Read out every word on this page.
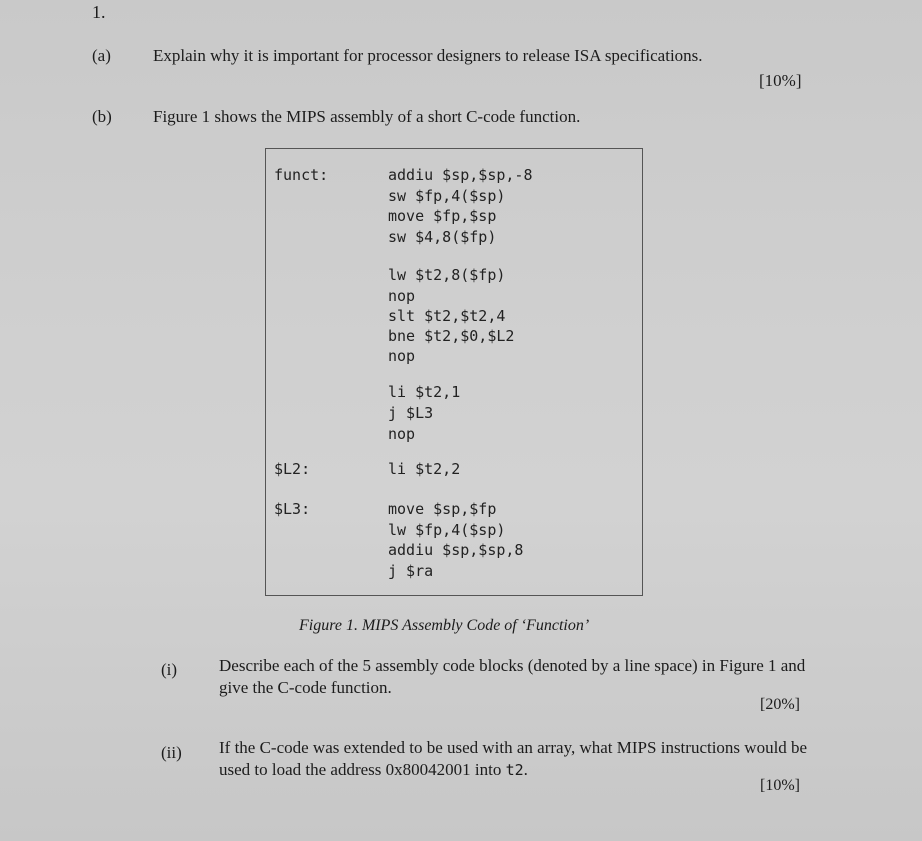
1.
(a) Explain why it is important for processor designers to release ISA specifications.
[10%]
(b) Figure 1 shows the MIPS assembly of a short C-code function.
funct:	addiu $sp,$sp,-8
sw $fp,4($sp)
move $fp,$sp
sw $4,8($fp)
lw $t2,8($fp)
nop
slt $t2,$t2,4
bne $t2,$0,$L2
nop
li $t2,1
j $L3
nop
$L2:	li $t2,2
$L3:	move $sp,$fp
lw $fp,4($sp)
addiu $sp,$sp,8
j $ra
Figure 1. MIPS Assembly Code of ‘Function’
(i) Describe each of the 5 assembly code blocks (denoted by a line space) in Figure 1 and give the C-code function.
[20%]
(ii) If the C-code was extended to be used with an array, what MIPS instructions would be used to load the address 0x80042001 into t2.
[10%]
